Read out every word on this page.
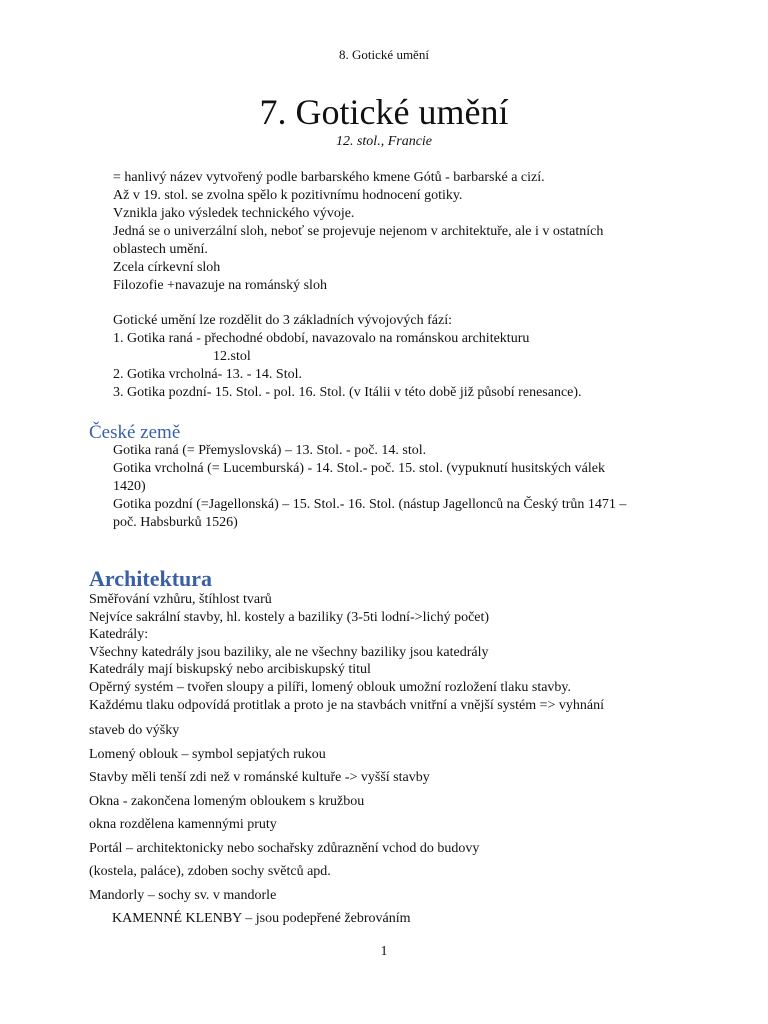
8. Gotické umění
7. Gotické umění
12. stol., Francie
= hanlivý název vytvořený podle barbarského kmene Gótů - barbarské a cizí.
Až v 19. stol. se zvolna spělo k pozitivnímu hodnocení gotiky.
Vznikla jako výsledek technického vývoje.
Jedná se o univerzální sloh, neboť se projevuje nejenom v architektuře, ale i v ostatních
oblastech umění.
Zcela církevní sloh
Filozofie +navazuje na románský sloh
Gotické umění lze rozdělit do 3 základních vývojových fází:
1. Gotika raná - přechodné období, navazovalo na románskou architekturu
12.stol
2. Gotika vrcholná- 13. - 14. Stol.
3. Gotika pozdní- 15. Stol. - pol. 16. Stol. (v Itálii v této době již působí renesance).
České země
Gotika raná (= Přemyslovská) – 13. Stol. - poč. 14. stol.
Gotika vrcholná (= Lucemburská) - 14. Stol.- poč. 15. stol. (vypuknutí husitských válek
1420)
Gotika pozdní (=Jagellonská) – 15. Stol.- 16. Stol. (nástup Jagellonců na Český trůn 1471 –
poč. Habsburků 1526)
Architektura
Směřování vzhůru, štíhlost tvarů
Nejvíce sakrální stavby, hl. kostely a baziliky (3-5ti lodní->lichý počet)
Katedrály:
Všechny katedrály jsou baziliky, ale ne všechny baziliky jsou katedrály
Katedrály mají biskupský nebo arcibiskupský titul
Opěrný systém – tvořen sloupy a pilíři, lomený oblouk umožní rozložení tlaku stavby.
Každému tlaku odpovídá protitlak a proto je na stavbách vnitřní a vnější systém => vyhnání
staveb do výšky
Lomený oblouk – symbol sepjatých rukou
Stavby měli tenší zdi než v románské kultuře -> vyšší stavby
Okna - zakončena lomeným obloukem s kružbou
okna rozdělena kamennými pruty
Portál – architektonicky nebo sochařsky zdůraznění vchod do budovy
(kostela, paláce), zdoben sochy světců apd.
Mandorly – sochy sv. v mandorle
KAMENNÉ KLENBY – jsou podepřené žebrováním
1
